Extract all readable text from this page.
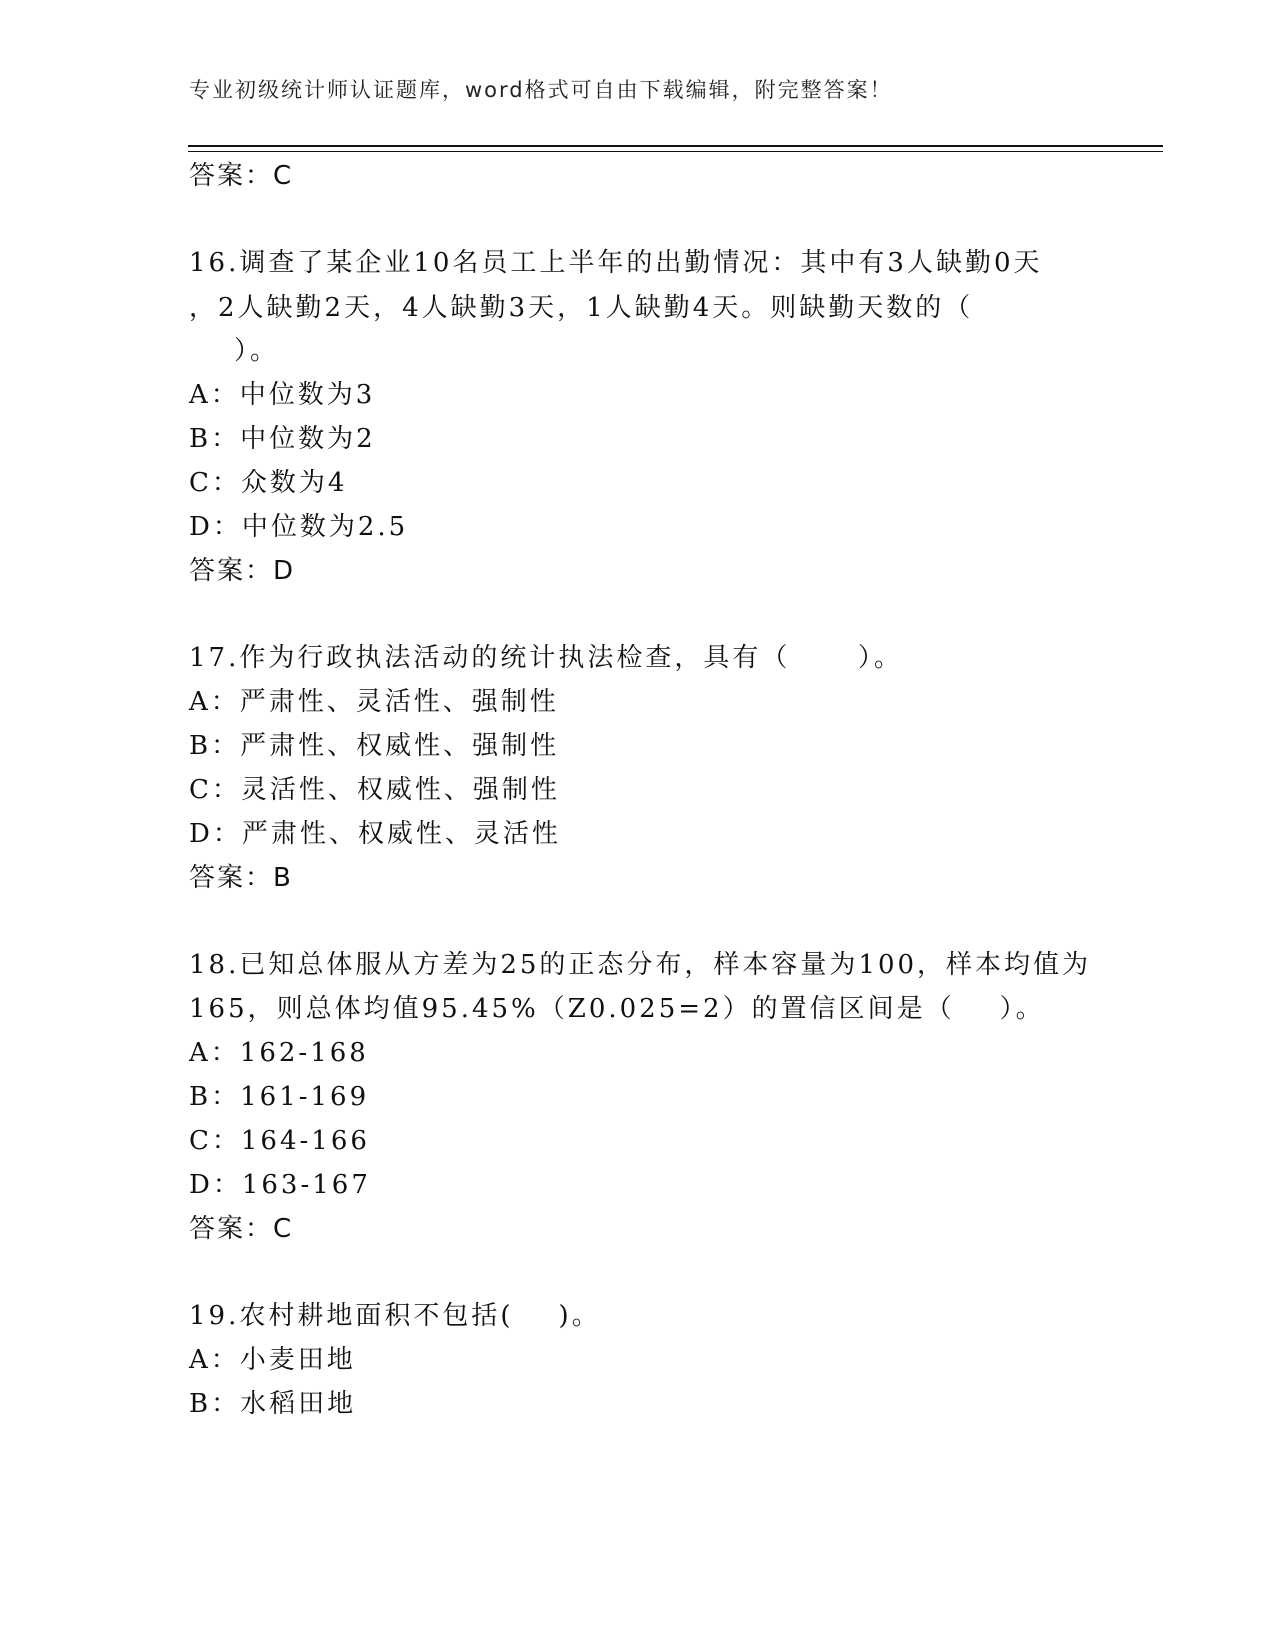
专业初级统计师认证题库，word格式可自由下载编辑，附完整答案！
答案：C
16.调查了某企业10名员工上半年的出勤情况：其中有3人缺勤0天
，2人缺勤2天，4人缺勤3天，1人缺勤4天。则缺勤天数的（
）。
A：中位数为3
B：中位数为2
C：众数为4
D：中位数为2.5
答案：D
17.作为行政执法活动的统计执法检查，具有（      ）。
A：严肃性、灵活性、强制性
B：严肃性、权威性、强制性
C：灵活性、权威性、强制性
D：严肃性、权威性、灵活性
答案：B
18.已知总体服从方差为25的正态分布，样本容量为100，样本均值为
165，则总体均值95.45%（Z0.025=2）的置信区间是（    ）。
A：162-168
B：161-169
C：164-166
D：163-167
答案：C
19.农村耕地面积不包括(    )。
A：小麦田地
B：水稻田地
